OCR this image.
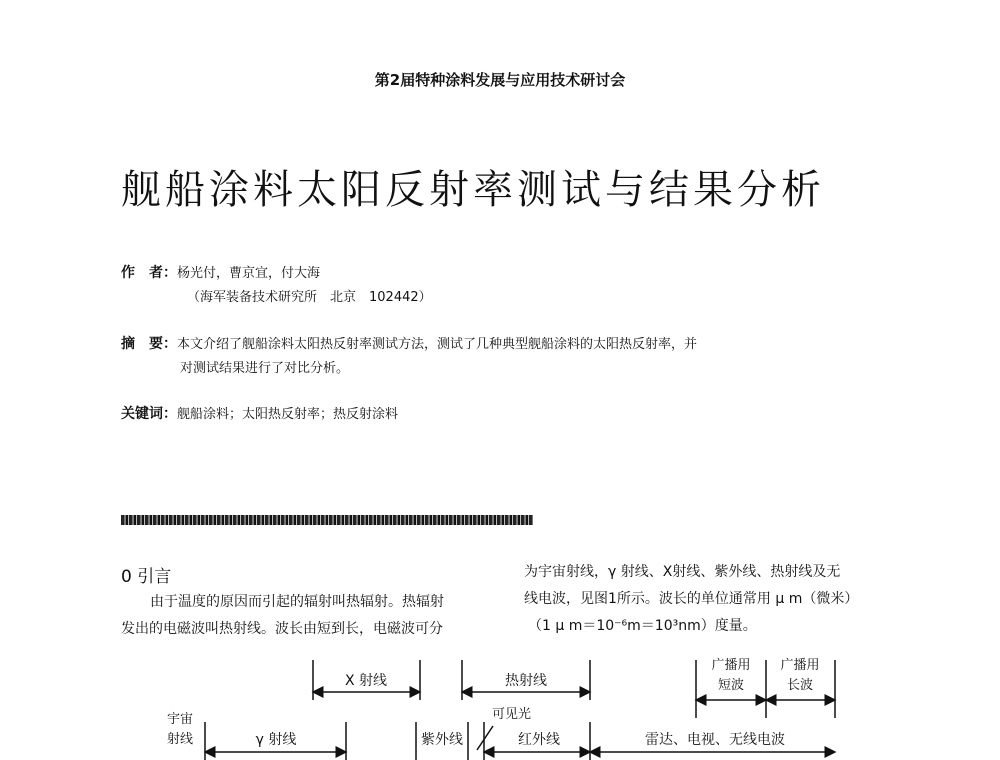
第2届特种涂料发展与应用技术研讨会
舰船涂料太阳反射率测试与结果分析
作　者：杨光付，曹京宜，付大海
（海军装备技术研究所　北京　102442）
摘　要：本文介绍了舰船涂料太阳热反射率测试方法，测试了几种典型舰船涂料的太阳热反射率，并
对测试结果进行了对比分析。
关键词：舰船涂料；太阳热反射率；热反射涂料
0 引言
由于温度的原因而引起的辐射叫热辐射。热辐射
发出的电磁波叫热射线。波长由短到长，电磁波可分
为宇宙射线，γ 射线、X射线、紫外线、热射线及无
线电波，见图1所示。波长的单位通常用 μ m（微米）
（1 μ m＝10⁻⁶m＝10³nm）度量。
X 射线	热射线
广播用
短波
广播用
长波
可见光
宇宙
射线	γ 射线	紫外线	红外线	雷达、电视、无线电波
